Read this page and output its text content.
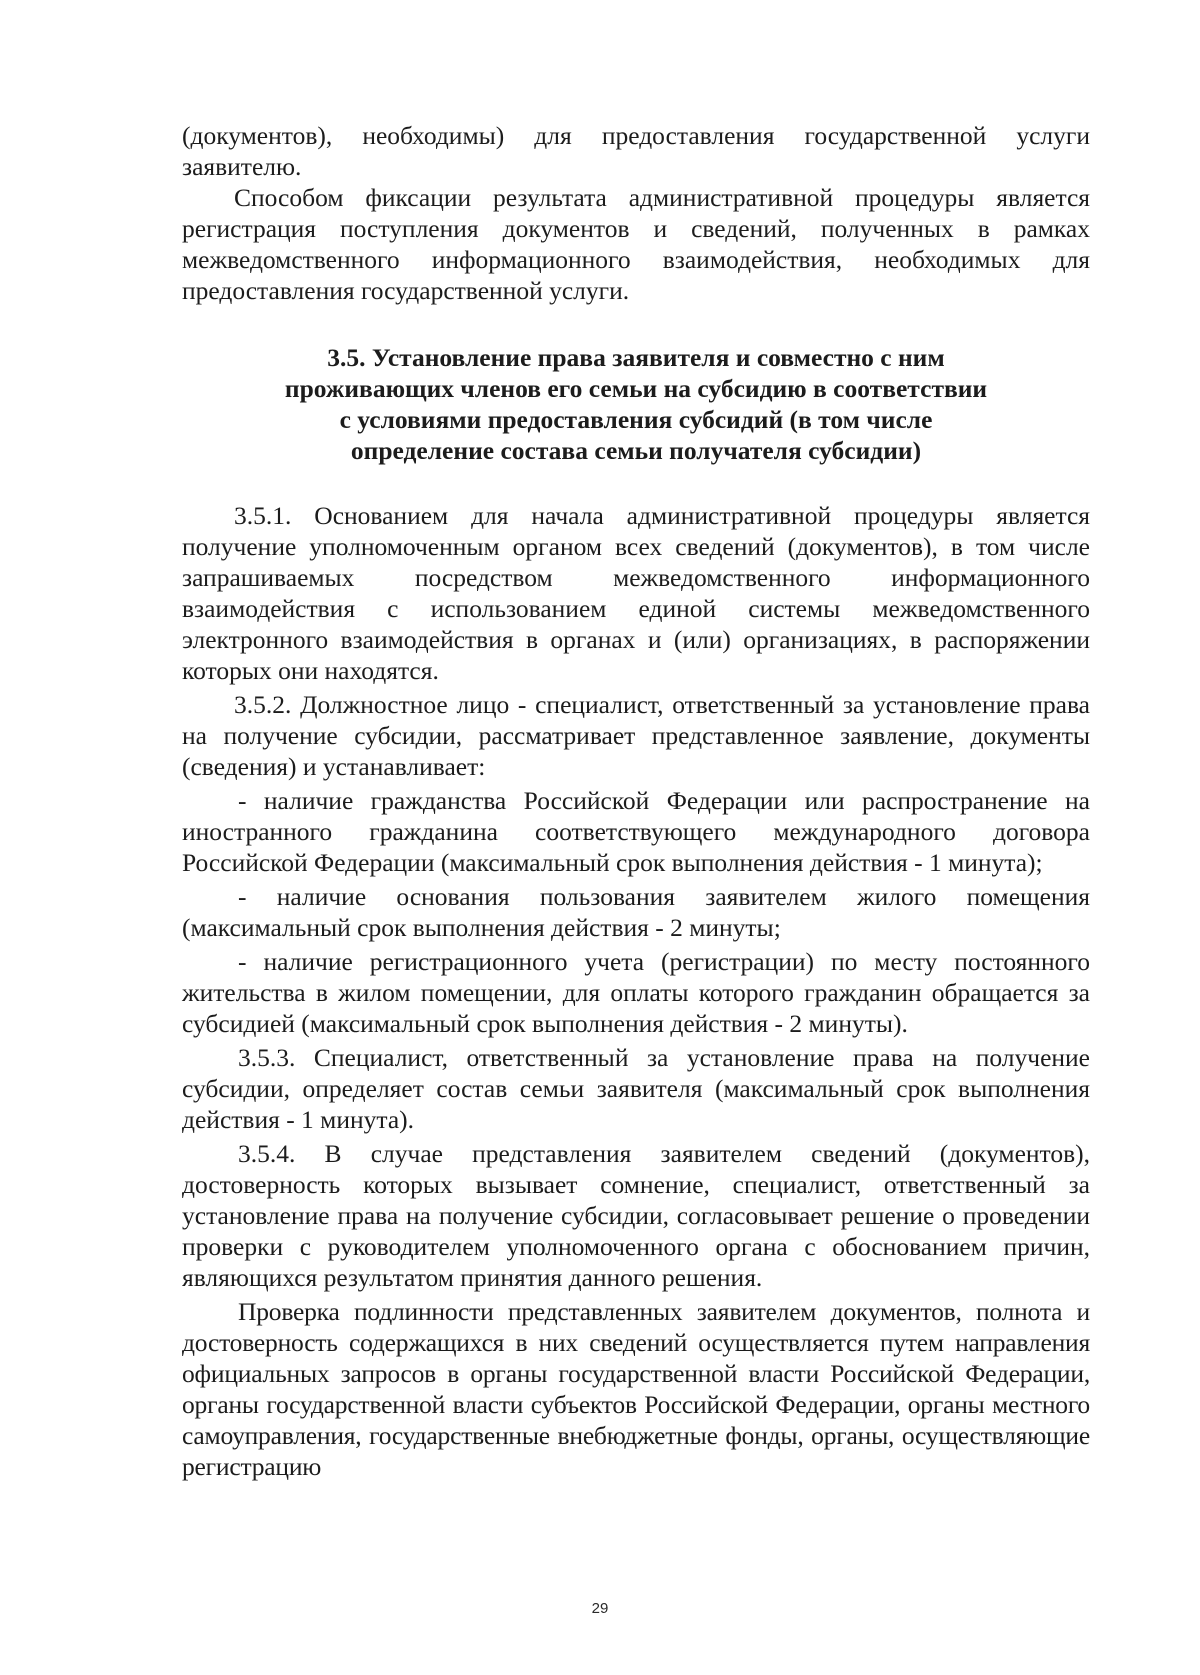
(документов), необходимы) для предоставления государственной услуги заявителю.

Способом фиксации результата административной процедуры является регистрация поступления документов и сведений, полученных в рамках межведомственного информационного взаимодействия, необходимых для предоставления государственной услуги.

3.5. Установление права заявителя и совместно с ним
проживающих членов его семьи на субсидию в соответствии
с условиями предоставления субсидий (в том числе
определение состава семьи получателя субсидии)

3.5.1. Основанием для начала административной процедуры является получение уполномоченным органом всех сведений (документов), в том числе запрашиваемых посредством межведомственного информационного взаимодействия с использованием единой системы межведомственного электронного взаимодействия в органах и (или) организациях, в распоряжении которых они находятся.

3.5.2. Должностное лицо - специалист, ответственный за установление права на получение субсидии, рассматривает представленное заявление, документы (сведения) и устанавливает:

- наличие гражданства Российской Федерации или распространение на иностранного гражданина соответствующего международного договора Российской Федерации (максимальный срок выполнения действия - 1 минута);

- наличие основания пользования заявителем жилого помещения (максимальный срок выполнения действия - 2 минуты;

- наличие регистрационного учета (регистрации) по месту постоянного жительства в жилом помещении, для оплаты которого гражданин обращается за субсидией (максимальный срок выполнения действия - 2 минуты).

3.5.3. Специалист, ответственный за установление права на получение субсидии, определяет состав семьи заявителя (максимальный срок выполнения действия - 1 минута).

3.5.4. В случае представления заявителем сведений (документов), достоверность которых вызывает сомнение, специалист, ответственный за установление права на получение субсидии, согласовывает решение о проведении проверки с руководителем уполномоченного органа с обоснованием причин, являющихся результатом принятия данного решения.

Проверка подлинности представленных заявителем документов, полнота и достоверность содержащихся в них сведений осуществляется путем направления официальных запросов в органы государственной власти Российской Федерации, органы государственной власти субъектов Российской Федерации, органы местного самоуправления, государственные внебюджетные фонды, органы, осуществляющие регистрацию

29
